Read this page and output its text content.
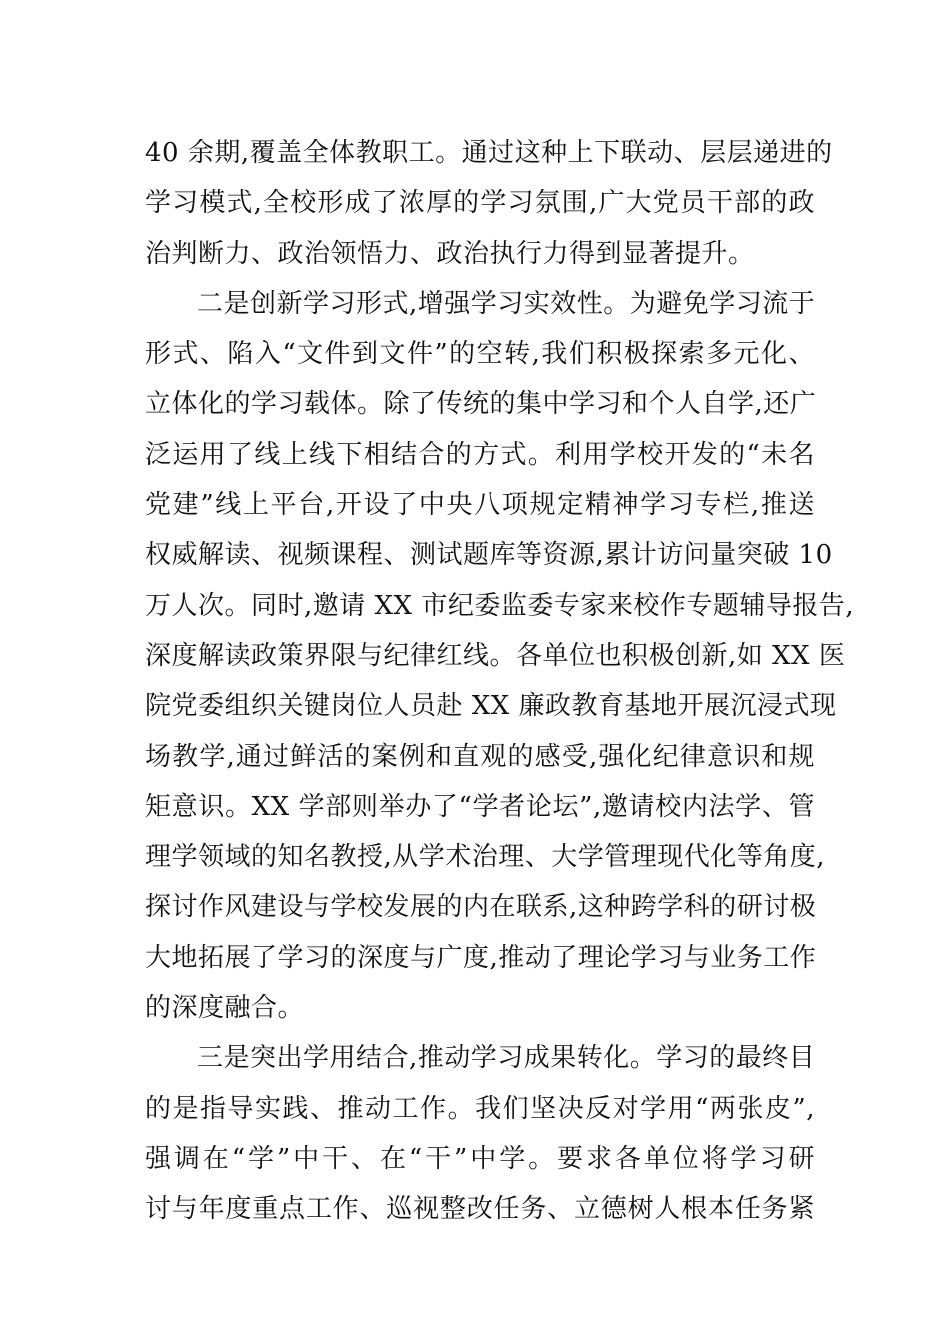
40 余期,覆盖全体教职工。通过这种上下联动、层层递进的
学习模式,全校形成了浓厚的学习氛围,广大党员干部的政
治判断力、政治领悟力、政治执行力得到显著提升。
二是创新学习形式,增强学习实效性。为避免学习流于
形式、陷入“文件到文件”的空转,我们积极探索多元化、
立体化的学习载体。除了传统的集中学习和个人自学,还广
泛运用了线上线下相结合的方式。利用学校开发的“未名
党建”线上平台,开设了中央八项规定精神学习专栏,推送
权威解读、视频课程、测试题库等资源,累计访问量突破 10
万人次。同时,邀请 XX 市纪委监委专家来校作专题辅导报告,
深度解读政策界限与纪律红线。各单位也积极创新,如 XX 医
院党委组织关键岗位人员赴 XX 廉政教育基地开展沉浸式现
场教学,通过鲜活的案例和直观的感受,强化纪律意识和规
矩意识。XX 学部则举办了“学者论坛”,邀请校内法学、管
理学领域的知名教授,从学术治理、大学管理现代化等角度,
探讨作风建设与学校发展的内在联系,这种跨学科的研讨极
大地拓展了学习的深度与广度,推动了理论学习与业务工作
的深度融合。
三是突出学用结合,推动学习成果转化。学习的最终目
的是指导实践、推动工作。我们坚决反对学用“两张皮”,
强调在“学”中干、在“干”中学。要求各单位将学习研
讨与年度重点工作、巡视整改任务、立德树人根本任务紧
